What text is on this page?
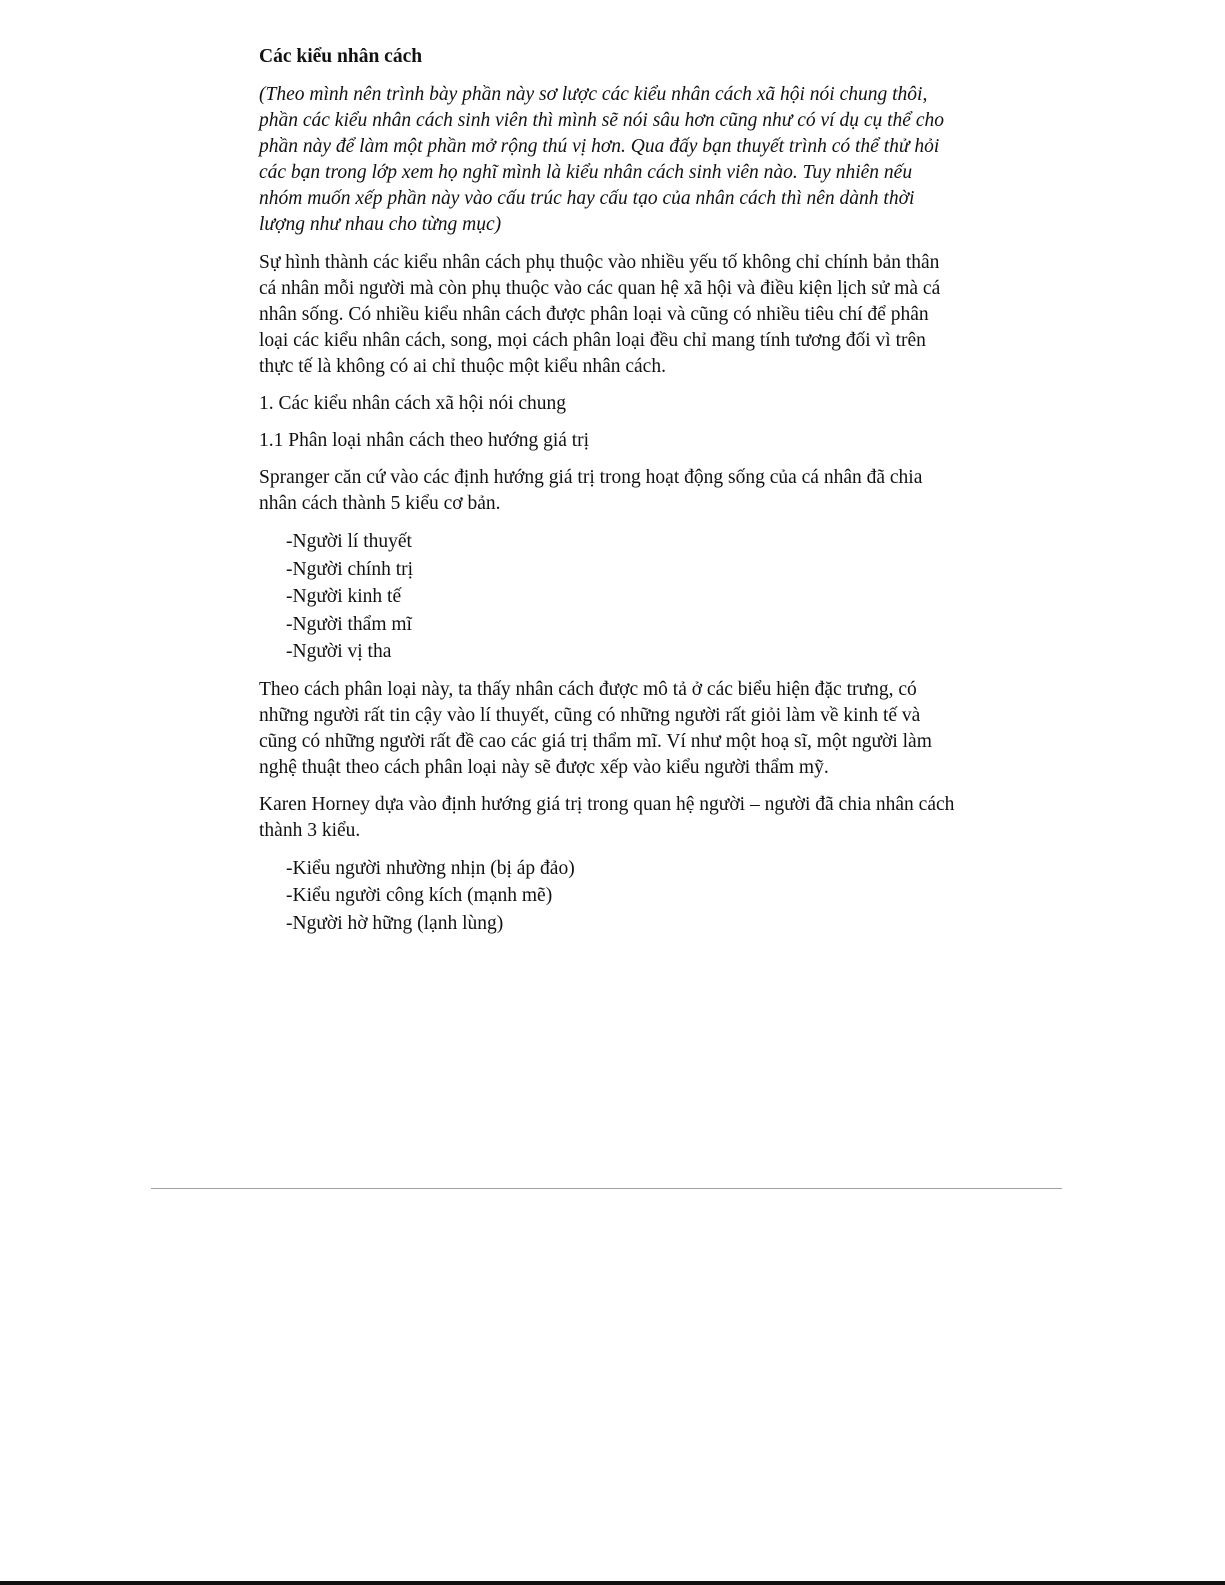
Các kiểu nhân cách

(Theo mình nên trình bày phần này sơ lược các kiểu nhân cách xã hội nói chung thôi, phần các kiểu nhân cách sinh viên thì mình sẽ nói sâu hơn cũng như có ví dụ cụ thể cho phần này để làm một phần mở rộng thú vị hơn. Qua đấy bạn thuyết trình có thể thử hỏi các bạn trong lớp xem họ nghĩ mình là kiểu nhân cách sinh viên nào. Tuy nhiên nếu nhóm muốn xếp phần này vào cấu trúc hay cấu tạo của nhân cách thì nên dành thời lượng như nhau cho từng mục)

Sự hình thành các kiểu nhân cách phụ thuộc vào nhiều yếu tố không chỉ chính bản thân cá nhân mỗi người mà còn phụ thuộc vào các quan hệ xã hội và điều kiện lịch sử mà cá nhân sống. Có nhiều kiểu nhân cách được phân loại và cũng có nhiều tiêu chí để phân loại các kiểu nhân cách, song, mọi cách phân loại đều chỉ mang tính tương đối vì trên thực tế là không có ai chỉ thuộc một kiểu nhân cách.

1. Các kiểu nhân cách xã hội nói chung

1.1 Phân loại nhân cách theo hướng giá trị

Spranger căn cứ vào các định hướng giá trị trong hoạt động sống của cá nhân đã chia nhân cách thành 5 kiểu cơ bản.

-Người lí thuyết
-Người chính trị
-Người kinh tế
-Người thẩm mĩ
-Người vị tha

Theo cách phân loại này, ta thấy nhân cách được mô tả ở các biểu hiện đặc trưng, có những người rất tin cậy vào lí thuyết, cũng có những người rất giỏi làm về kinh tế và cũng có những người rất đề cao các giá trị thẩm mĩ. Ví như một hoạ sĩ, một người làm nghệ thuật theo cách phân loại này sẽ được xếp vào kiểu người thẩm mỹ.

Karen Horney dựa vào định hướng giá trị trong quan hệ người – người đã chia nhân cách thành 3 kiểu.

-Kiểu người nhường nhịn (bị áp đảo)
-Kiểu người công kích (mạnh mẽ)
-Người hờ hững (lạnh lùng)
